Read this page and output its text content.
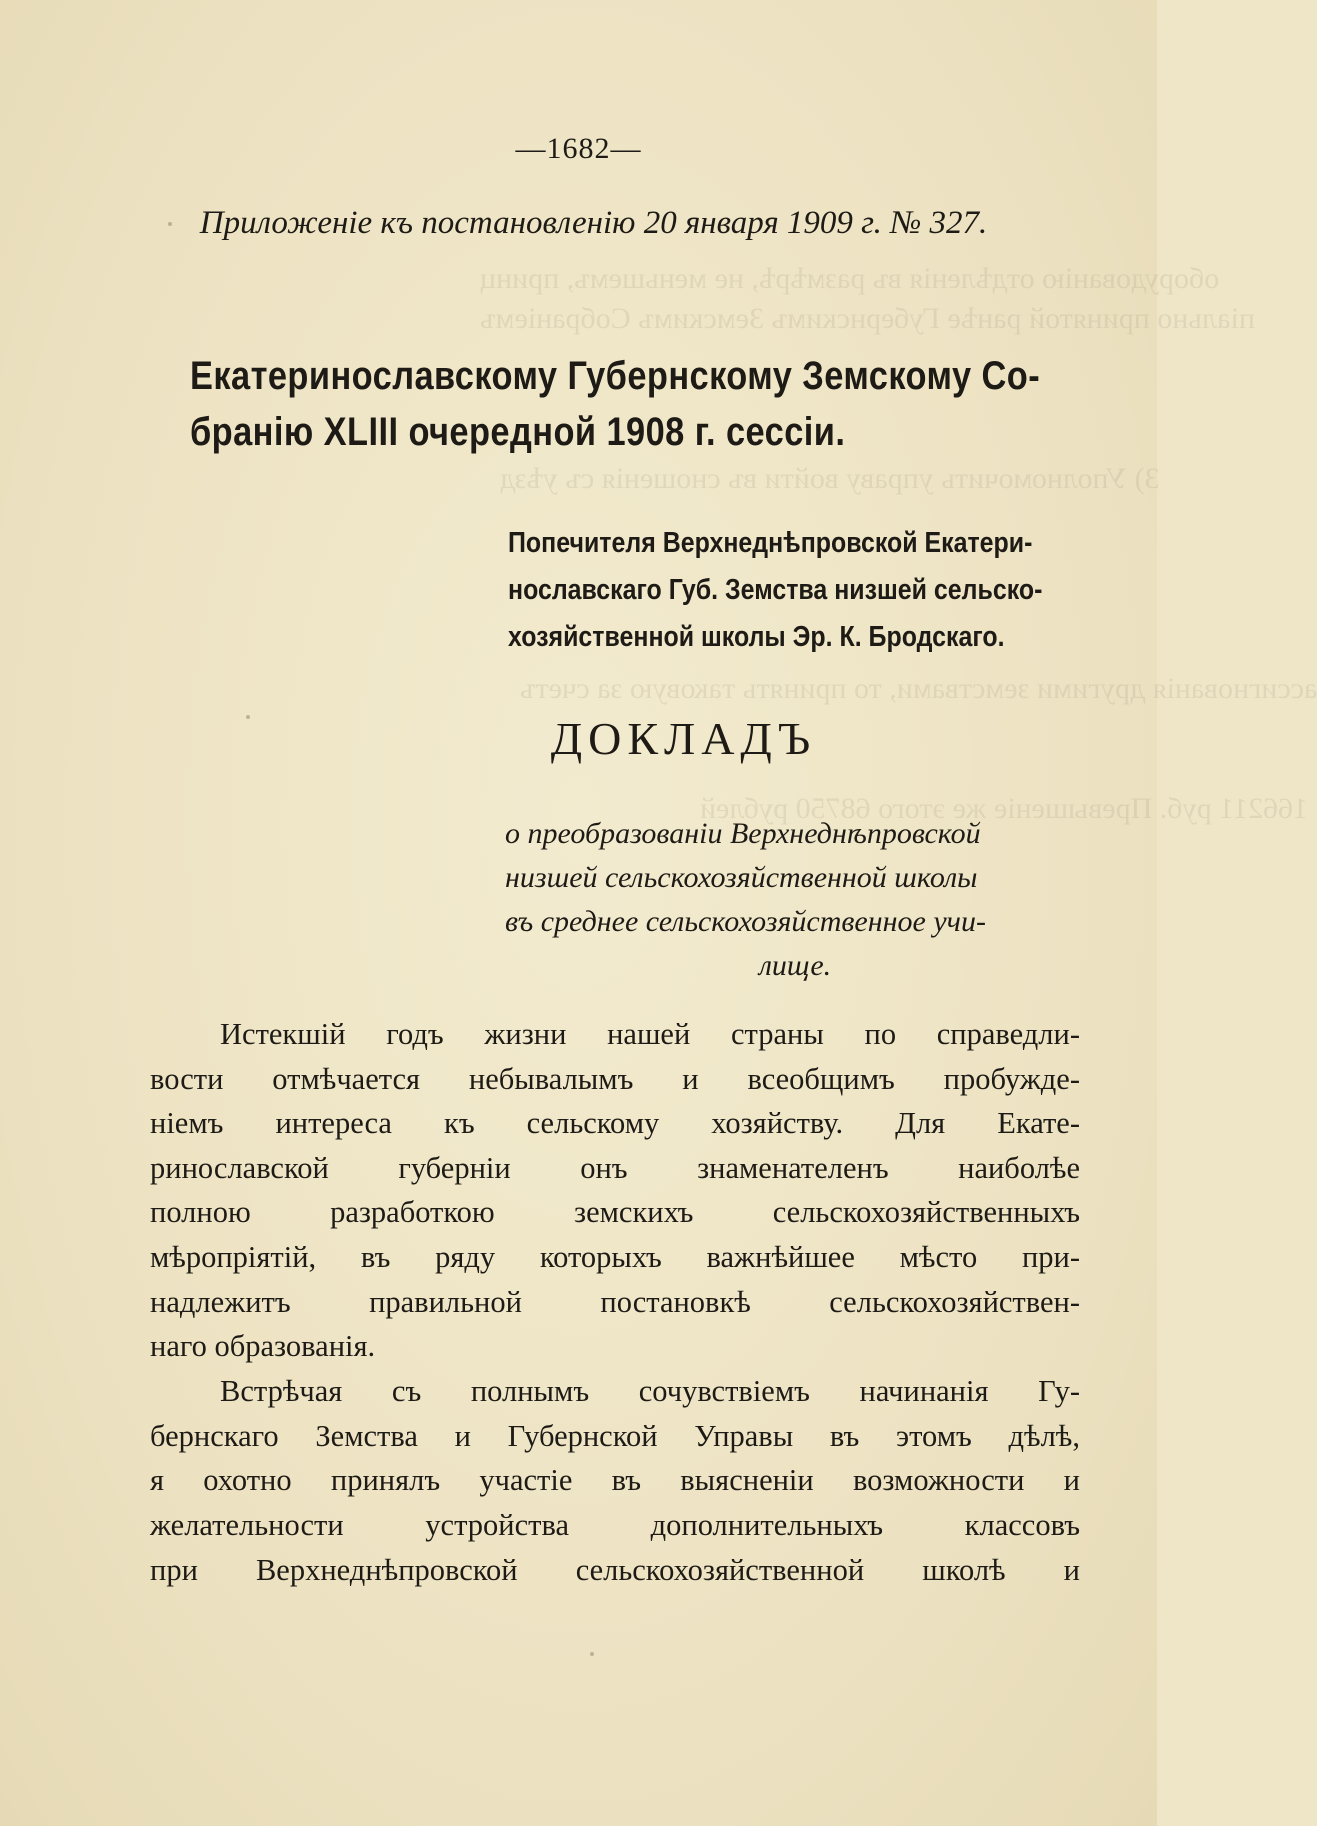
оборудованiю отдѣленiя въ размѣрѣ, не меньшемъ, принц
пiально принятой ранѣе Губернскимъ Земскимъ Собранiемъ
3) Уполномочить управу войти въ сношенiя съ уѣзд
ассигнованiя другими земствами, то принять таковую за счетъ
166211 руб. Превышенiе же этого 68750 рублей
—1682—
Приложенiе къ постановленiю 20 января 1909 г. № 327.
Екатеринославскому Губернскому Земскому Со-
бранiю XLIII очередной 1908 г. сессiи.
Попечителя Верхнеднѣпровской Екатери-
нославскаго Губ. Земства низшей сельско-
хозяйственной школы Эр. К. Бродскаго.
ДОКЛАДЪ
о преобразованiи Верхнеднѣпровской
низшей сельскохозяйственной школы
въ среднее сельскохозяйственное учи-
лище.
Истекшiй годъ жизни нашей страны по справедли-
вости отмѣчается небывалымъ и всеобщимъ пробужде-
нiемъ интереса къ сельскому хозяйству. Для Екате-
ринославской губернiи онъ знаменателенъ наиболѣе
полною разработкою земскихъ сельскохозяйственныхъ
мѣропрiятiй, въ ряду которыхъ важнѣйшее мѣсто при-
надлежитъ правильной постановкѣ сельскохозяйствен-
наго образованiя.
Встрѣчая съ полнымъ сочувствiемъ начинанiя Гу-
бернскаго Земства и Губернской Управы въ этомъ дѣлѣ,
я охотно принялъ участiе въ выясненiи возможности и
желательности устройства дополнительныхъ классовъ
при Верхнеднѣпровской сельскохозяйственной школѣ и
